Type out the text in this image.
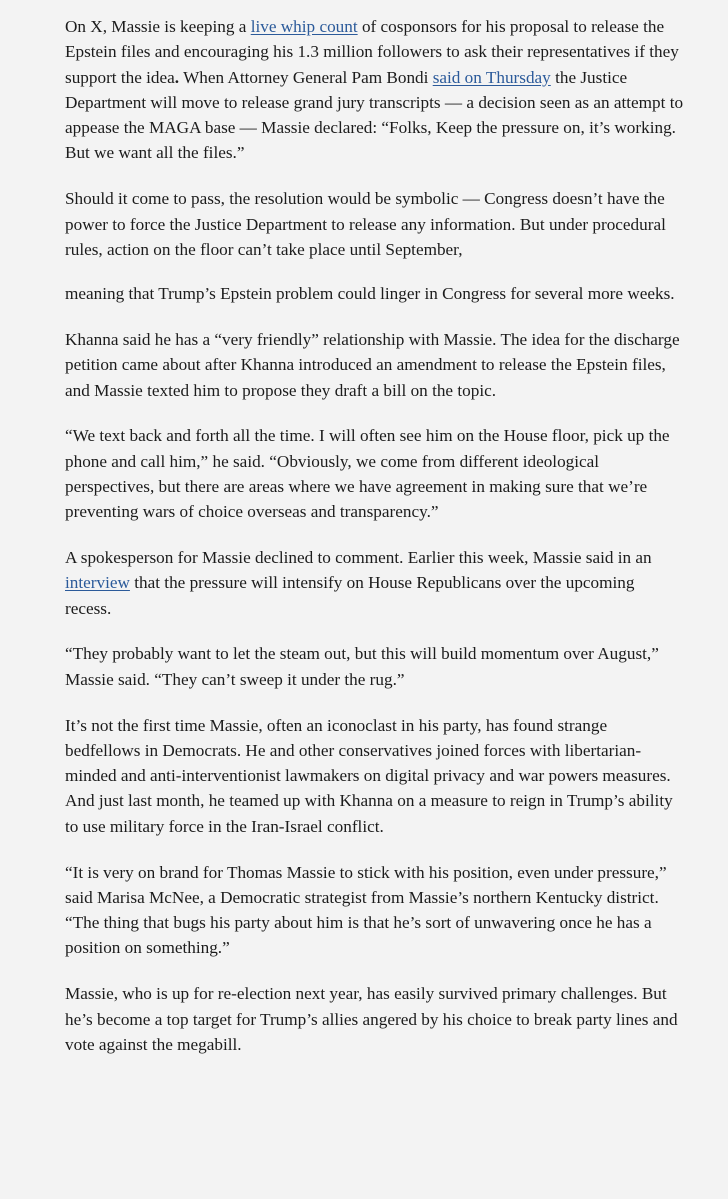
On X, Massie is keeping a live whip count of cosponsors for his proposal to release the Epstein files and encouraging his 1.3 million followers to ask their representatives if they support the idea. When Attorney General Pam Bondi said on Thursday the Justice Department will move to release grand jury transcripts — a decision seen as an attempt to appease the MAGA base — Massie declared: “Folks, Keep the pressure on, it’s working. But we want all the files.”

Should it come to pass, the resolution would be symbolic — Congress doesn’t have the power to force the Justice Department to release any information. But under procedural rules, action on the floor can’t take place until September,

meaning that Trump’s Epstein problem could linger in Congress for several more weeks.

Khanna said he has a “very friendly” relationship with Massie. The idea for the discharge petition came about after Khanna introduced an amendment to release the Epstein files, and Massie texted him to propose they draft a bill on the topic.

“We text back and forth all the time. I will often see him on the House floor, pick up the phone and call him,” he said. “Obviously, we come from different ideological perspectives, but there are areas where we have agreement in making sure that we’re preventing wars of choice overseas and transparency.”

A spokesperson for Massie declined to comment. Earlier this week, Massie said in an interview that the pressure will intensify on House Republicans over the upcoming recess.

“They probably want to let the steam out, but this will build momentum over August,” Massie said. “They can’t sweep it under the rug.”

It’s not the first time Massie, often an iconoclast in his party, has found strange bedfellows in Democrats. He and other conservatives joined forces with libertarian-minded and anti-interventionist lawmakers on digital privacy and war powers measures. And just last month, he teamed up with Khanna on a measure to reign in Trump’s ability to use military force in the Iran-Israel conflict.

“It is very on brand for Thomas Massie to stick with his position, even under pressure,” said Marisa McNee, a Democratic strategist from Massie’s northern Kentucky district. “The thing that bugs his party about him is that he’s sort of unwavering once he has a position on something.”

Massie, who is up for re-election next year, has easily survived primary challenges. But he’s become a top target for Trump’s allies angered by his choice to break party lines and vote against the megabill.
